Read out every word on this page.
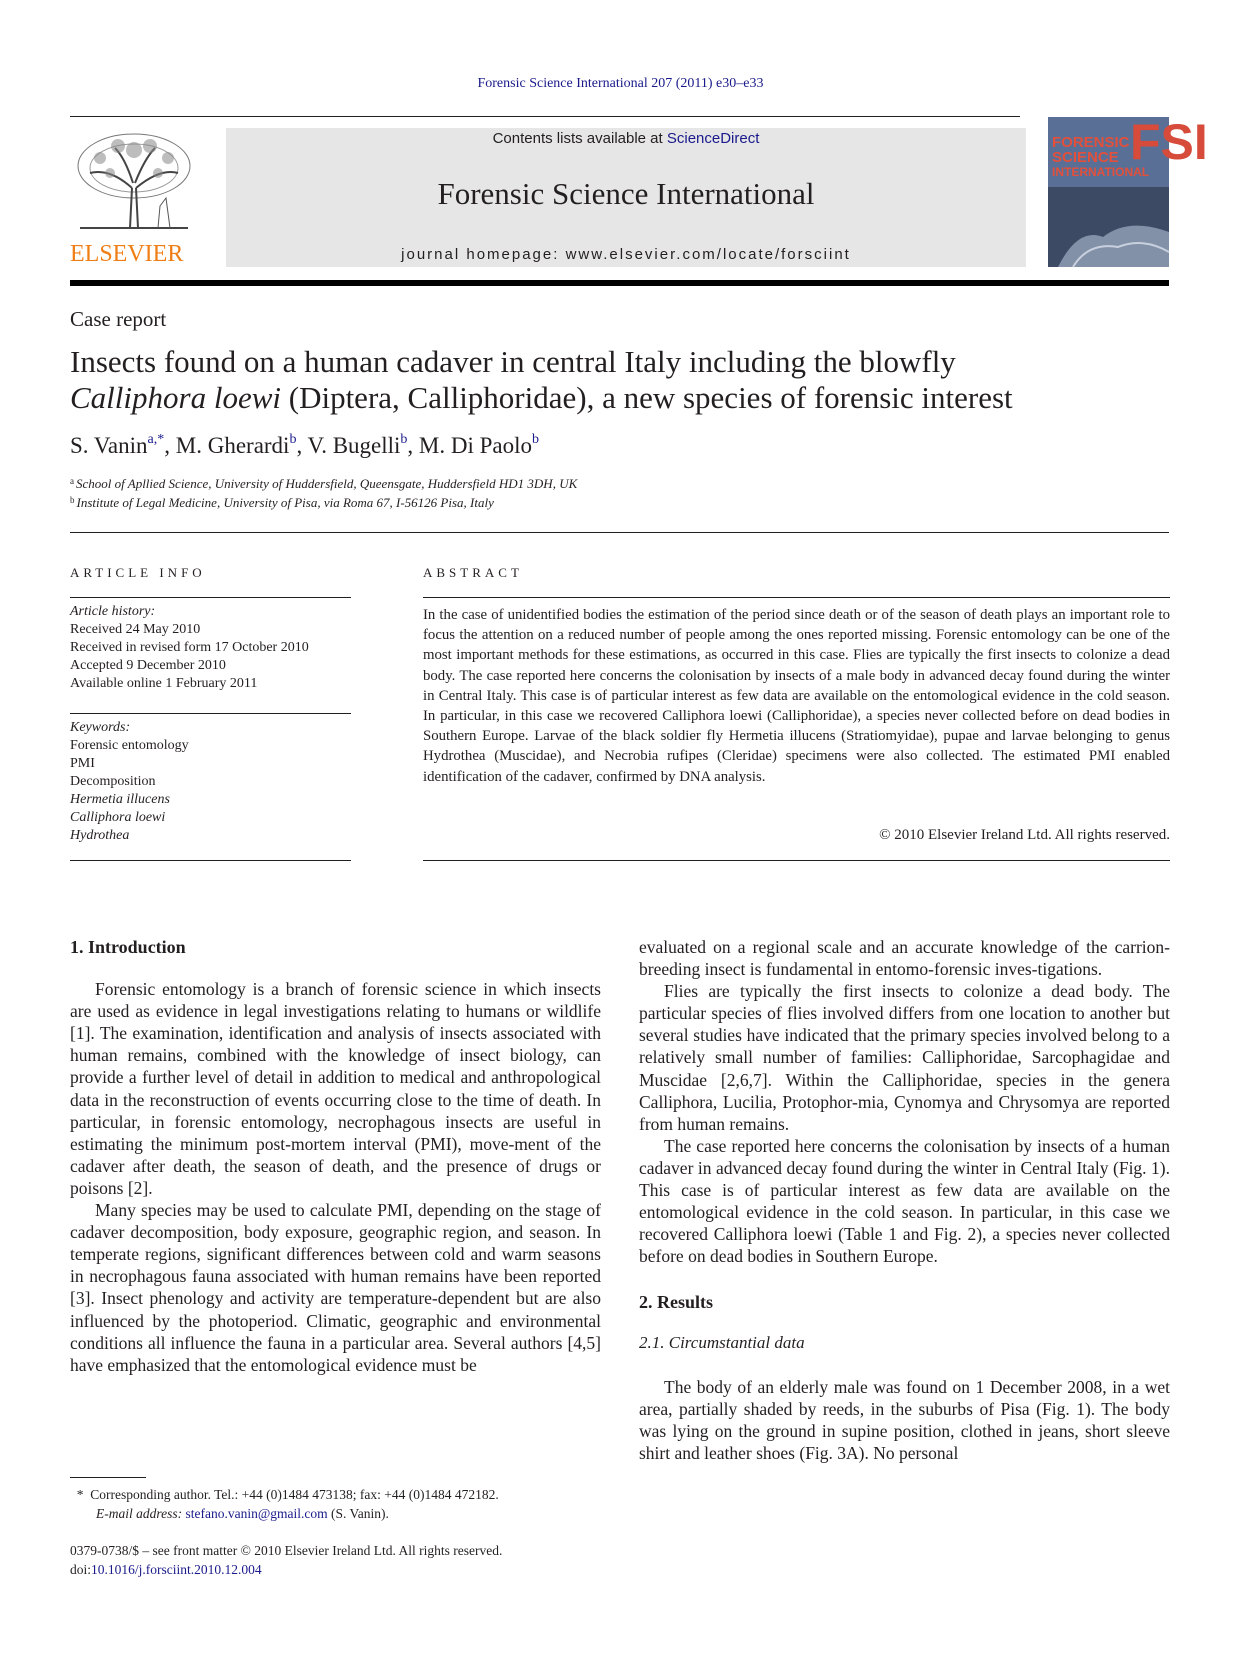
Forensic Science International 207 (2011) e30–e33
ELSEVIER
Contents lists available at ScienceDirect
Forensic Science International
journal homepage: www.elsevier.com/locate/forsciint
FSI
FORENSIC
SCIENCE
INTERNATIONAL
Case report
Insects found on a human cadaver in central Italy including the blowfly
Calliphora loewi (Diptera, Calliphoridae), a new species of forensic interest
S. Vanin$^{a,*}$, M. Gherardi$^b$, V. Bugelli$^b$, M. Di Paolo$^b$
$^a$ School of Apllied Science, University of Huddersfield, Queensgate, Huddersfield HD1 3DH, UK
$^b$ Institute of Legal Medicine, University of Pisa, via Roma 67, I-56126 Pisa, Italy
ARTICLE INFO
Article history:
Received 24 May 2010
Received in revised form 17 October 2010
Accepted 9 December 2010
Available online 1 February 2011
Keywords:
Forensic entomology
PMI
Decomposition
Hermetia illucens
Calliphora loewi
Hydrothea
ABSTRACT
In the case of unidentified bodies the estimation of the period since death or of the season of death plays an important role to focus the attention on a reduced number of people among the ones reported missing. Forensic entomology can be one of the most important methods for these estimations, as occurred in this case. Flies are typically the first insects to colonize a dead body. The case reported here concerns the colonisation by insects of a male body in advanced decay found during the winter in Central Italy. This case is of particular interest as few data are available on the entomological evidence in the cold season. In particular, in this case we recovered Calliphora loewi (Calliphoridae), a species never collected before on dead bodies in Southern Europe. Larvae of the black soldier fly Hermetia illucens (Stratiomyidae), pupae and larvae belonging to genus Hydrothea (Muscidae), and Necrobia rufipes (Cleridae) specimens were also collected. The estimated PMI enabled identification of the cadaver, confirmed by DNA analysis.
© 2010 Elsevier Ireland Ltd. All rights reserved.
1. Introduction

Forensic entomology is a branch of forensic science in which insects are used as evidence in legal investigations relating to humans or wildlife [1]. The examination, identification and analysis of insects associated with human remains, combined with the knowledge of insect biology, can provide a further level of detail in addition to medical and anthropological data in the reconstruction of events occurring close to the time of death. In particular, in forensic entomology, necrophagous insects are useful in estimating the minimum post-mortem interval (PMI), move-ment of the cadaver after death, the season of death, and the presence of drugs or poisons [2].

Many species may be used to calculate PMI, depending on the stage of cadaver decomposition, body exposure, geographic region, and season. In temperate regions, significant differences between cold and warm seasons in necrophagous fauna associated with human remains have been reported [3]. Insect phenology and activity are temperature-dependent but are also influenced by the photoperiod. Climatic, geographic and environmental conditions all influence the fauna in a particular area. Several authors [4,5] have emphasized that the entomological evidence must be

evaluated on a regional scale and an accurate knowledge of the carrion-breeding insect is fundamental in entomo-forensic inves-tigations.

Flies are typically the first insects to colonize a dead body. The particular species of flies involved differs from one location to another but several studies have indicated that the primary species involved belong to a relatively small number of families: Calliphoridae, Sarcophagidae and Muscidae [2,6,7]. Within the Calliphoridae, species in the genera Calliphora, Lucilia, Protophor-mia, Cynomya and Chrysomya are reported from human remains.

The case reported here concerns the colonisation by insects of a human cadaver in advanced decay found during the winter in Central Italy (Fig. 1). This case is of particular interest as few data are available on the entomological evidence in the cold season. In particular, in this case we recovered Calliphora loewi (Table 1 and Fig. 2), a species never collected before on dead bodies in Southern Europe.

2. Results
2.1. Circumstantial data

The body of an elderly male was found on 1 December 2008, in a wet area, partially shaded by reeds, in the suburbs of Pisa (Fig. 1). The body was lying on the ground in supine position, clothed in jeans, short sleeve shirt and leather shoes (Fig. 3A). No personal

* Corresponding author. Tel.: +44 (0)1484 473138; fax: +44 (0)1484 472182.
E-mail address: stefano.vanin@gmail.com (S. Vanin).
0379-0738/$ – see front matter © 2010 Elsevier Ireland Ltd. All rights reserved.
doi:10.1016/j.forsciint.2010.12.004
